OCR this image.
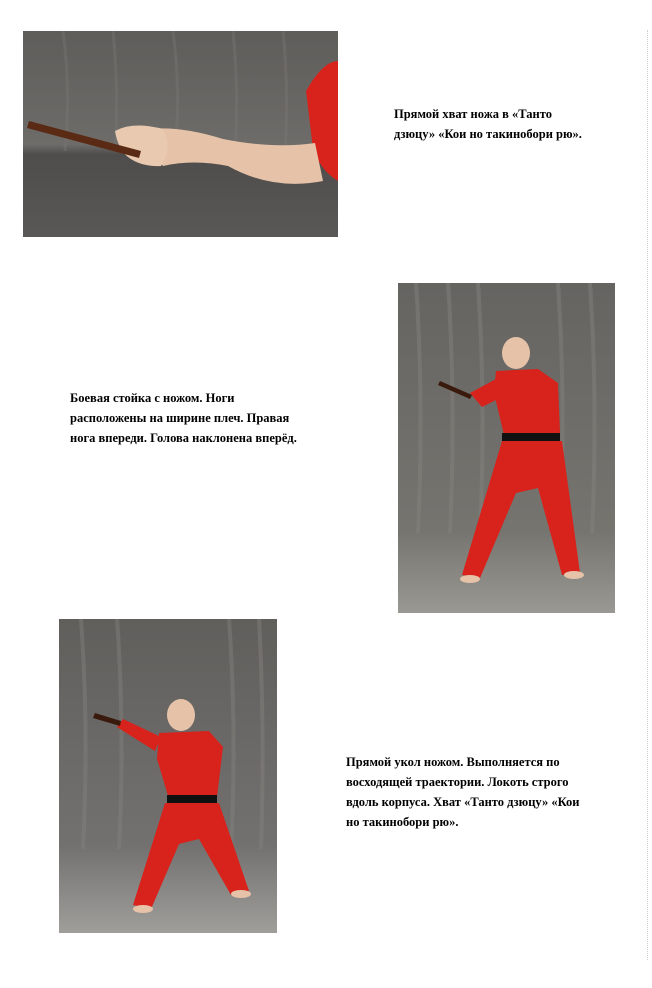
Прямой хват ножа в «Танто дзюцу» «Кои но такинобори рю».
Боевая стойка с ножом. Ноги расположены на ширине плеч. Правая нога впереди. Голова наклонена вперёд.
Прямой укол ножом. Выполняется по восходящей траектории. Локоть строго вдоль корпуса. Хват «Танто дзюцу» «Кои но такинобори рю».
